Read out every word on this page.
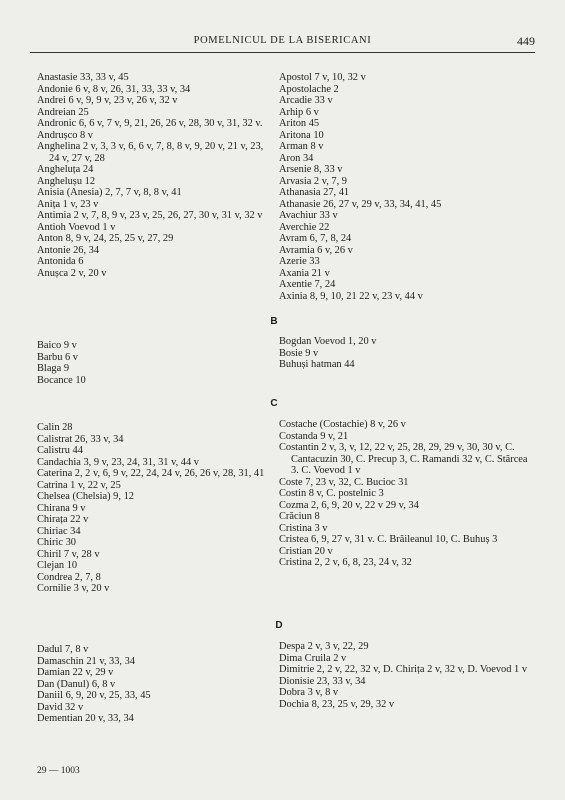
POMELNICUL DE LA BISERICANI	449
Anastasie 33, 33 v, 45
Andonie 6 v, 8 v, 26, 31, 33, 33 v, 34
Andrei 6 v, 9, 9 v, 23 v, 26 v, 32 v
Andreian 25
Andronic 6, 6 v, 7 v, 9, 21, 26, 26 v, 28, 30 v, 31, 32 v.
Andrușco 8 v
Anghelina 2 v, 3, 3 v, 6, 6 v, 7, 8, 8 v, 9, 20 v, 21 v, 23, 24 v, 27 v, 28
Angheluța 24
Anghelușu 12
Anisia (Anesia) 2, 7, 7 v, 8, 8 v, 41
Anița 1 v, 23 v
Antimia 2 v, 7, 8, 9 v, 23 v, 25, 26, 27, 30 v, 31 v, 32 v
Antioh Voevod 1 v
Anton 8, 9 v, 24, 25, 25 v, 27, 29
Antonie 26, 34
Antonida 6
Anușca 2 v, 20 v
Apostol 7 v, 10, 32 v
Apostolache 2
Arcadie 33 v
Arhip 6 v
Ariton 45
Aritona 10
Arman 8 v
Aron 34
Arsenie 8, 33 v
Arvasia 2 v, 7, 9
Athanasia 27, 41
Athanasie 26, 27 v, 29 v, 33, 34, 41, 45
Avachiur 33 v
Averchie 22
Avram 6, 7, 8, 24
Avramia 6 v, 26 v
Azerie 33
Axania 21 v
Axentie 7, 24
Axinia 8, 9, 10, 21 22 v, 23 v, 44 v
B
Baico 9 v
Barbu 6 v
Blaga 9
Bocance 10
Bogdan Voevod 1, 20 v
Bosie 9 v
Buhuși hatman 44
C
Calin 28
Calistrat 26, 33 v, 34
Calistru 44
Candachia 3, 9 v, 23, 24, 31, 31 v, 44 v
Caterina 2, 2 v, 6, 9 v, 22, 24, 24 v, 26, 26 v, 28, 31, 41
Catrina 1 v, 22 v, 25
Chelsea (Chelsia) 9, 12
Chirana 9 v
Chirața 22 v
Chiriac 34
Chiric 30
Chiril 7 v, 28 v
Clejan 10
Condrea 2, 7, 8
Cornilie 3 v, 20 v
Costache (Costachie) 8 v, 26 v
Costanda 9 v, 21
Costantin 2 v, 3, v, 12, 22 v, 25, 28, 29, 29 v, 30, 30 v, C. Cantacuzin 30, C. Precup 3, C. Ramandi 32 v, C. Stărcea 3. C. Voevod 1 v
Coste 7, 23 v, 32, C. Bucioc 31
Costin 8 v, C. postelnic 3
Cozma 2, 6, 9, 20 v, 22 v 29 v, 34
Crăciun 8
Cristina 3 v
Cristea 6, 9, 27 v, 31 v. C. Brăileanul 10, C. Buhuș 3
Cristian 20 v
Cristina 2, 2 v, 6, 8, 23, 24 v, 32
D
Dadul 7, 8 v
Damaschin 21 v, 33, 34
Damian 22 v, 29 v
Dan (Danul) 6, 8 v
Daniil 6, 9, 20 v, 25, 33, 45
David 32 v
Dementian 20 v, 33, 34
Despa 2 v, 3 v, 22, 29
Dima Cruila 2 v
Dimitrie 2, 2 v, 22, 32 v, D. Chirița 2 v, 32 v, D. Voevod 1 v
Dionisie 23, 33 v, 34
Dobra 3 v, 8 v
Dochia 8, 23, 25 v, 29, 32 v
29 — 1003
